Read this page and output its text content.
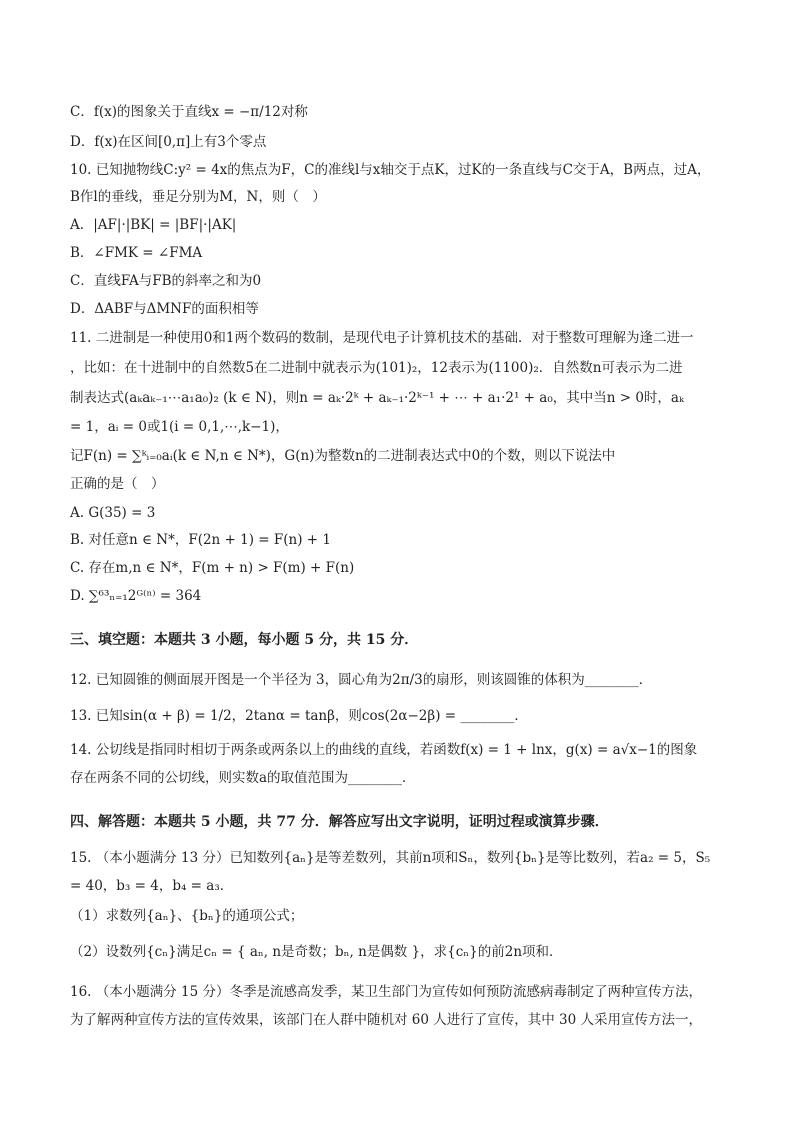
C．f(x)的图象关于直线x = −π/12对称
D．f(x)在区间[0,π]上有3个零点
10. 已知抛物线C:y² = 4x的焦点为F，C的准线l与x轴交于点K，过K的一条直线与C交于A，B两点，过A，
B作l的垂线，垂足分别为M，N，则（　）
A．|AF|·|BK| = |BF|·|AK|
B．∠FMK = ∠FMA
C．直线FA与FB的斜率之和为0
D．ΔABF与ΔMNF的面积相等
11. 二进制是一种使用0和1两个数码的数制，是现代电子计算机技术的基础．对于整数可理解为逢二进一
，比如：在十进制中的自然数5在二进制中就表示为(101)₂，12表示为(1100)₂．自然数n可表示为二进
制表达式(aₖaₖ₋₁⋯a₁a₀)₂ (k ∈ N)，则n = aₖ·2ᵏ + aₖ₋₁·2ᵏ⁻¹ + ⋯ + a₁·2¹ + a₀，其中当n > 0时，aₖ
= 1，aᵢ = 0或1(i = 0,1,⋯,k−1)，
记F(n) = ∑ᵏᵢ₌₀aᵢ(k ∈ N,n ∈ N*)，G(n)为整数n的二进制表达式中0的个数，则以下说法中
正确的是（　）
A. G(35) = 3
B. 对任意n ∈ N*，F(2n + 1) = F(n) + 1
C. 存在m,n ∈ N*，F(m + n) > F(m) + F(n)
D. ∑⁶³ₙ₌₁2ᴳ⁽ⁿ⁾ = 364
三、填空题：本题共 3 小题，每小题 5 分，共 15 分．
12. 已知圆锥的侧面展开图是一个半径为 3，圆心角为2π/3的扇形，则该圆锥的体积为________．
13. 已知sin(α + β) = 1/2，2tanα = tanβ，则cos(2α−2β) = ________．
14. 公切线是指同时相切于两条或两条以上的曲线的直线，若函数f(x) = 1 + lnx，g(x) = a√x−1的图象
存在两条不同的公切线，则实数a的取值范围为________．
四、解答题：本题共 5 小题，共 77 分．解答应写出文字说明，证明过程或演算步骤．
15. （本小题满分 13 分）已知数列{aₙ}是等差数列，其前n项和Sₙ，数列{bₙ}是等比数列，若a₂ = 5，S₅
= 40，b₃ = 4，b₄ = a₃．
（1）求数列{aₙ}、{bₙ}的通项公式；
（2）设数列{cₙ}满足cₙ = { aₙ, n是奇数；bₙ, n是偶数 }，求{cₙ}的前2n项和．
16. （本小题满分 15 分）冬季是流感高发季，某卫生部门为宣传如何预防流感病毒制定了两种宣传方法，
为了解两种宣传方法的宣传效果，该部门在人群中随机对 60 人进行了宣传，其中 30 人采用宣传方法一，
